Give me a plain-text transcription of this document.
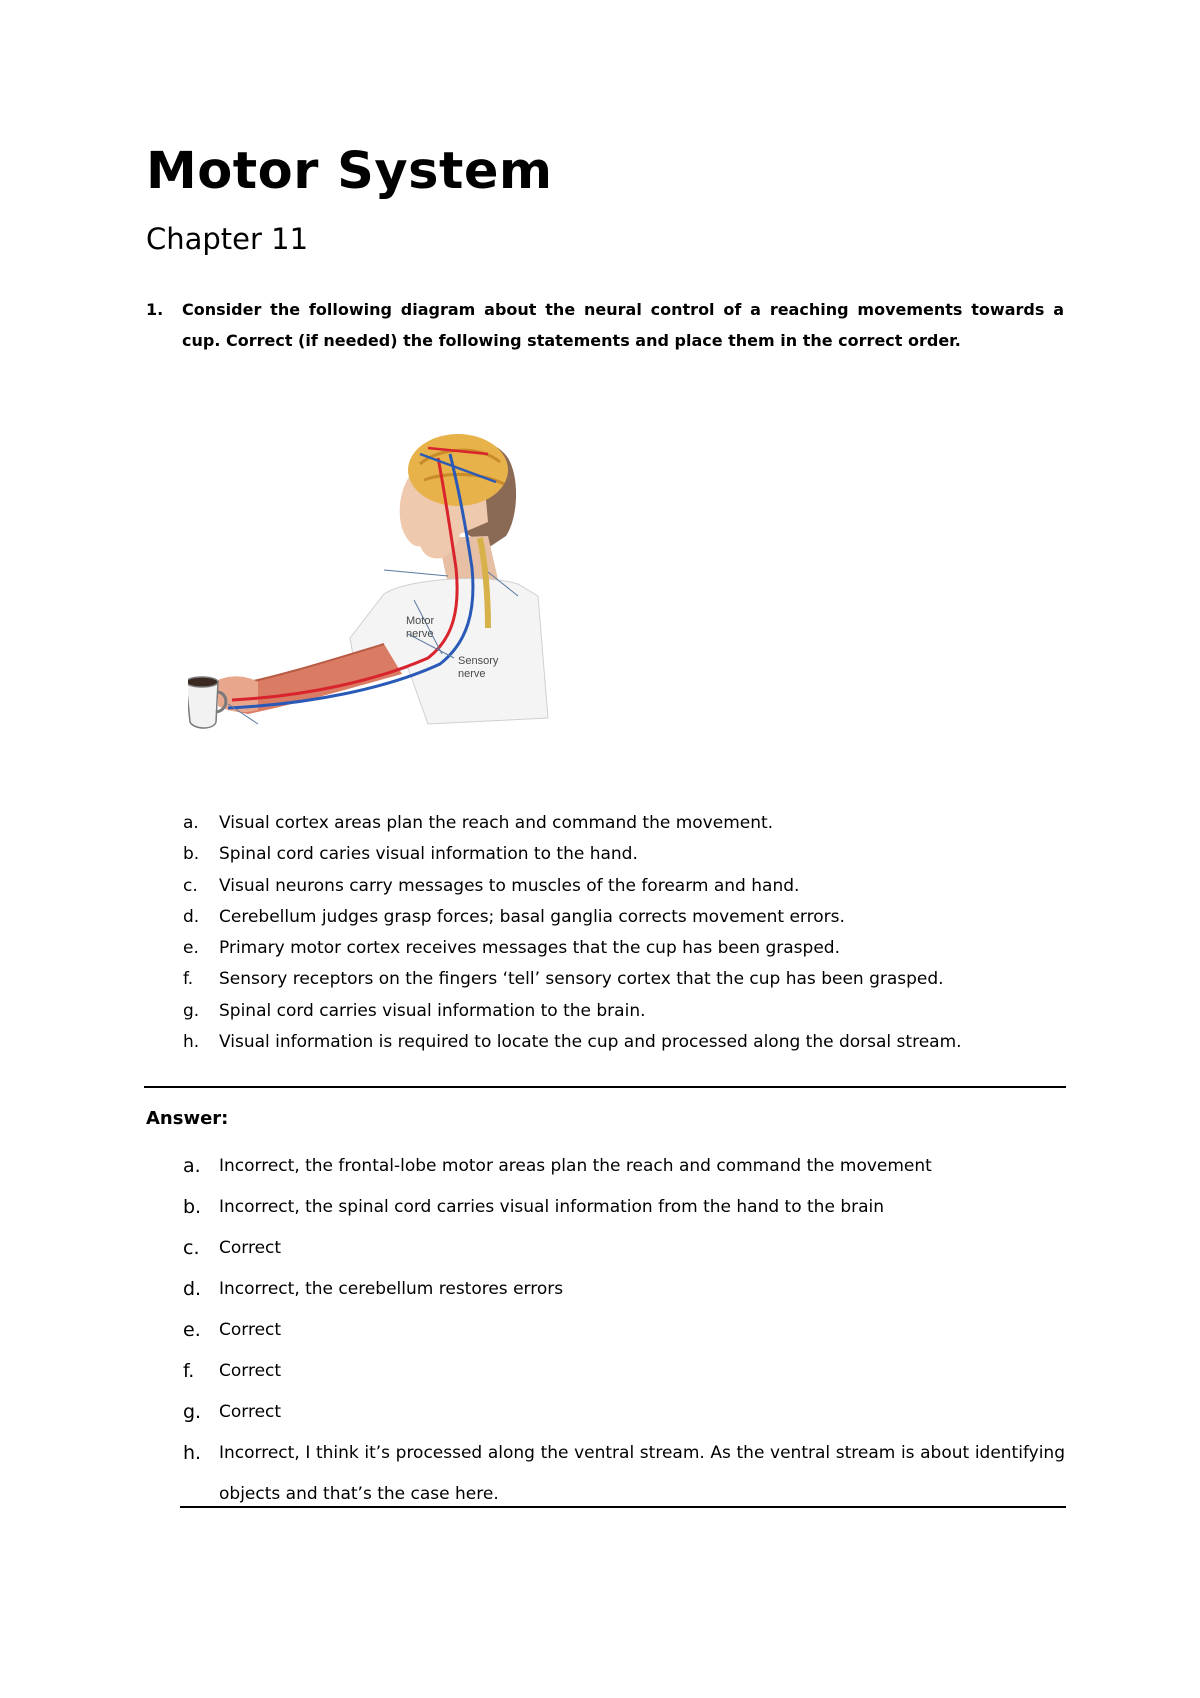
Motor System
Chapter 11
1. Consider the following diagram about the neural control of a reaching movements towards a cup. Correct (if needed) the following statements and place them in the correct order.
Motor
nerve
Sensory
nerve
a. Visual cortex areas plan the reach and command the movement.
b. Spinal cord caries visual information to the hand.
c. Visual neurons carry messages to muscles of the forearm and hand.
d. Cerebellum judges grasp forces; basal ganglia corrects movement errors.
e. Primary motor cortex receives messages that the cup has been grasped.
f. Sensory receptors on the fingers ‘tell’ sensory cortex that the cup has been grasped.
g. Spinal cord carries visual information to the brain.
h. Visual information is required to locate the cup and processed along the dorsal stream.
Answer:
a. Incorrect, the frontal-lobe motor areas plan the reach and command the movement
b. Incorrect, the spinal cord carries visual information from the hand to the brain
c. Correct
d. Incorrect, the cerebellum restores errors
e. Correct
f. Correct
g. Correct
h. Incorrect, I think it’s processed along the ventral stream. As the ventral stream is about identifying objects and that’s the case here.
